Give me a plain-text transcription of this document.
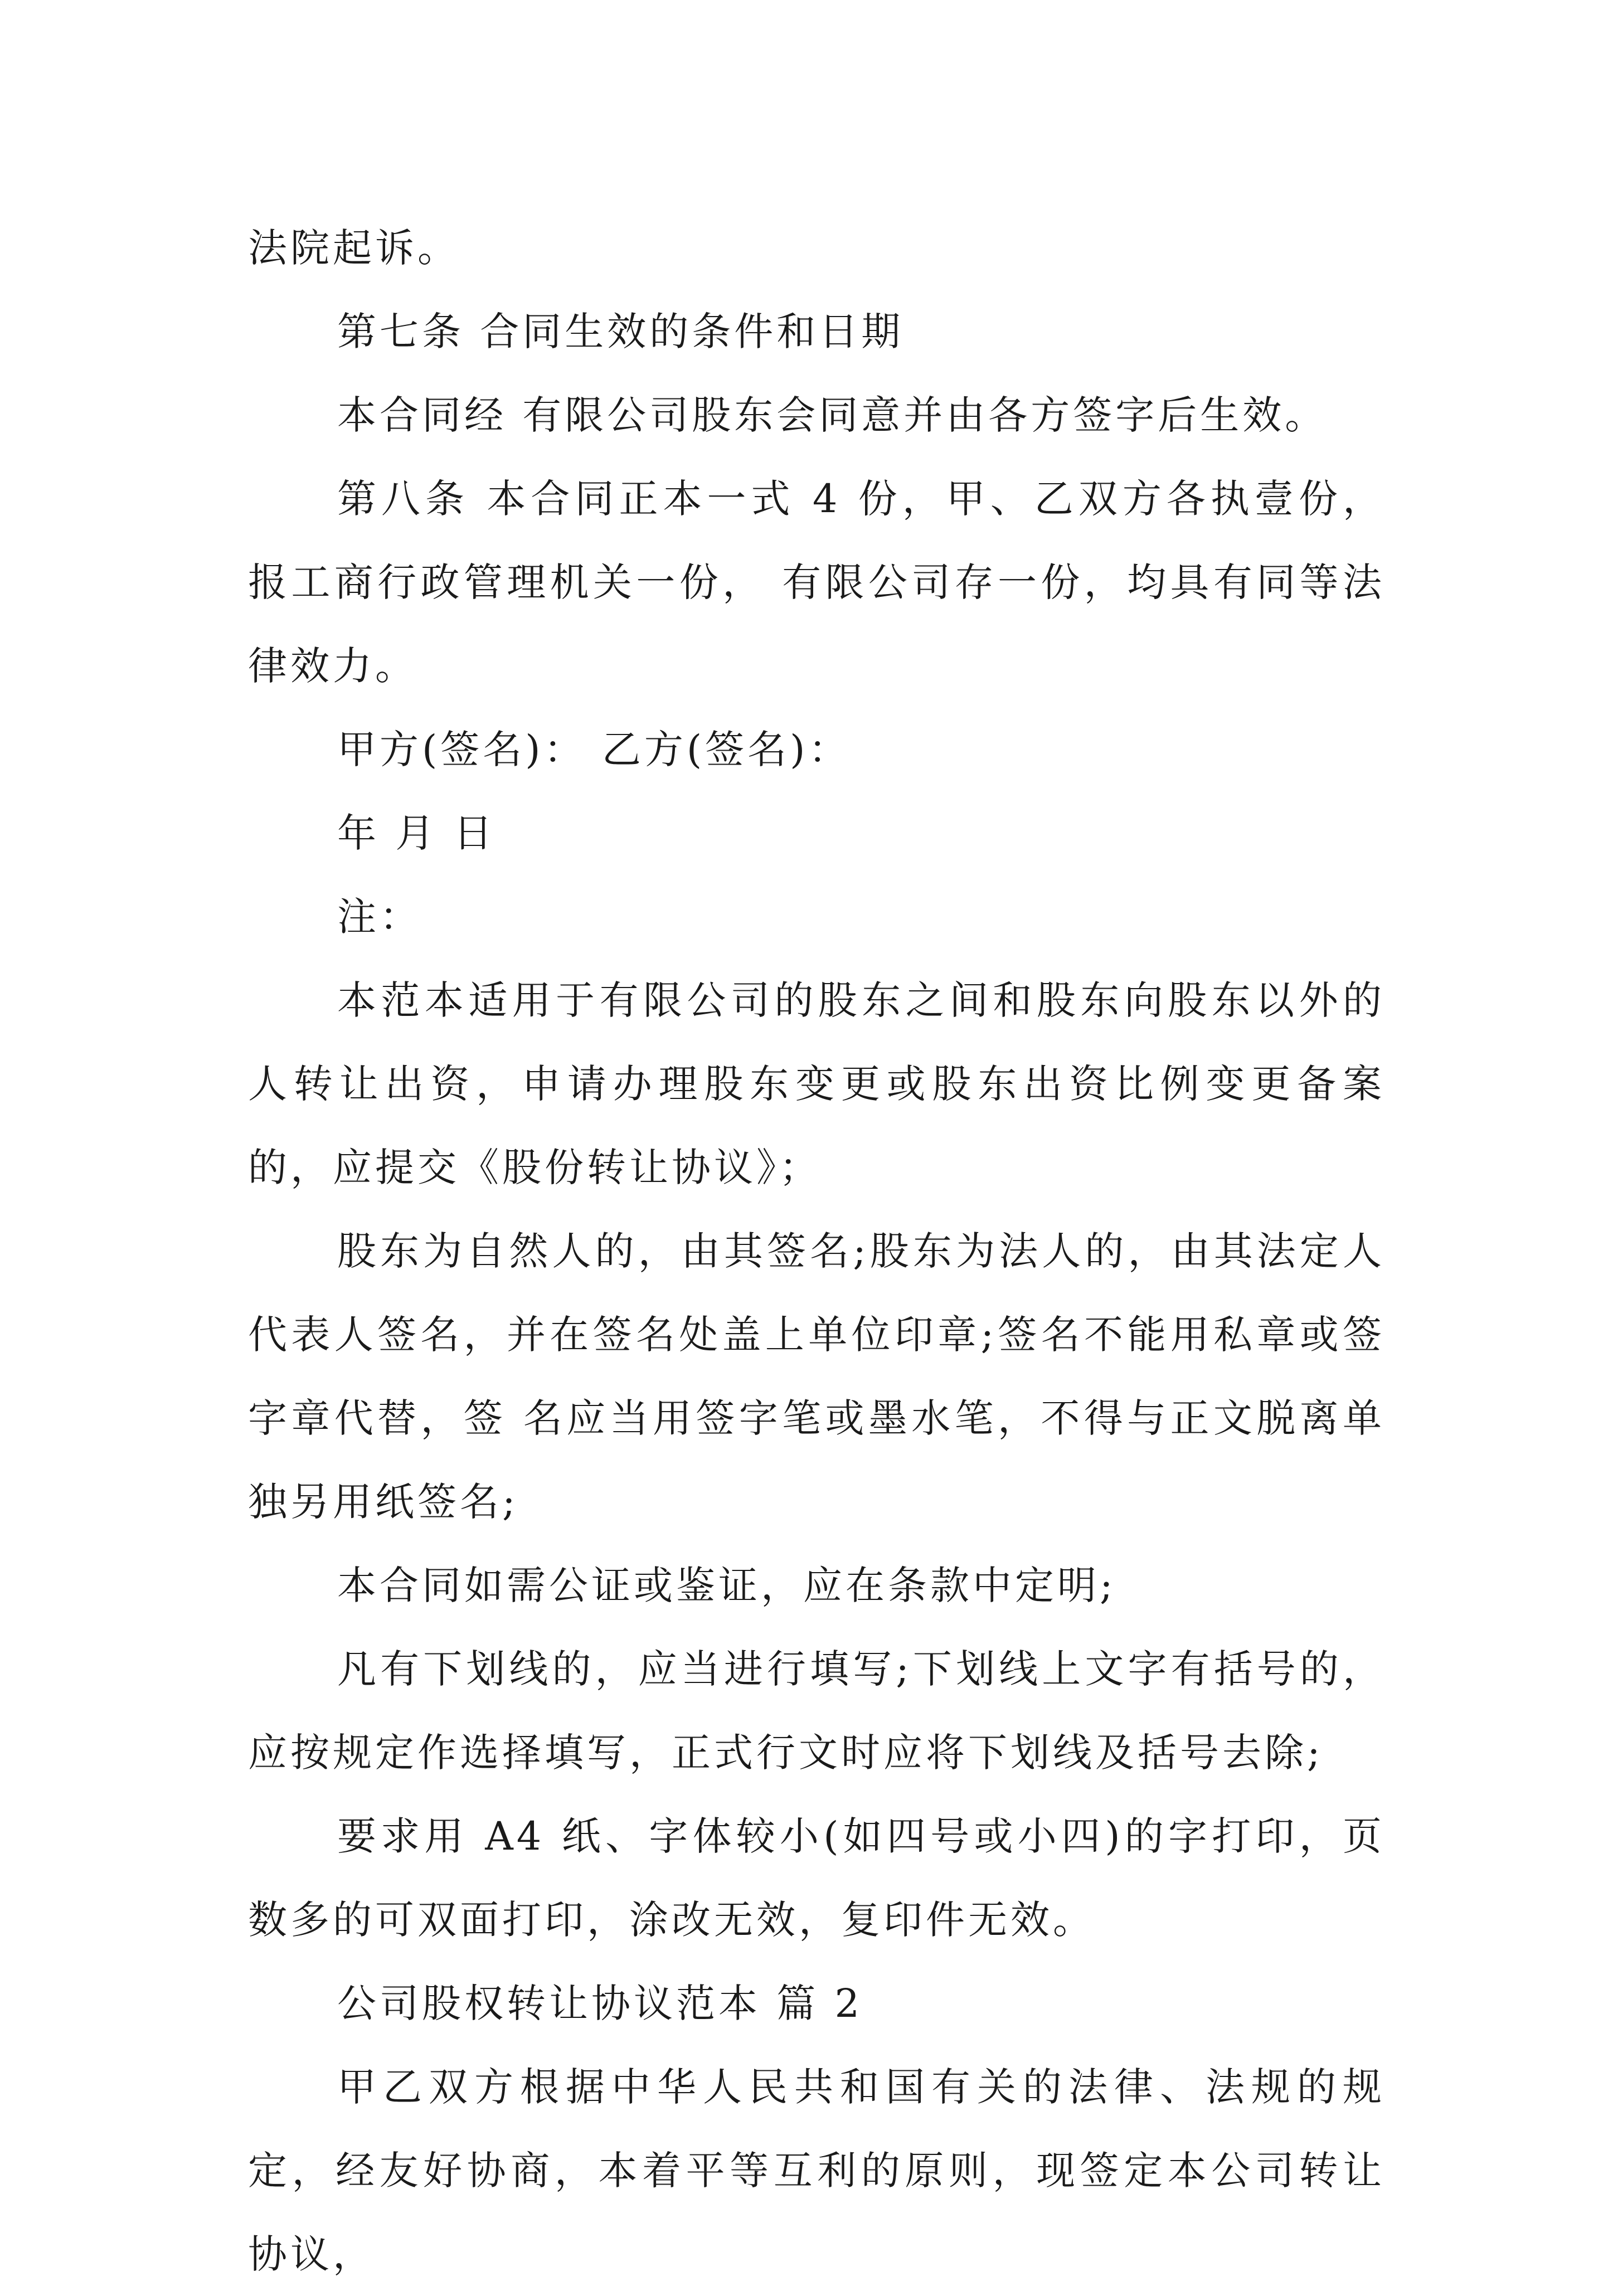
法院起诉。

第七条 合同生效的条件和日期

本合同经 有限公司股东会同意并由各方签字后生效。

第八条 本合同正本一式 4 份，甲、乙双方各执壹份，报工商行政管理机关一份， 有限公司存一份，均具有同等法律效力。

甲方(签名)： 乙方(签名)：

年 月 日

注：

本范本适用于有限公司的股东之间和股东向股东以外的人转让出资，申请办理股东变更或股东出资比例变更备案的，应提交《股份转让协议》；

股东为自然人的，由其签名;股东为法人的，由其法定人代表人签名，并在签名处盖上单位印章;签名不能用私章或签字章代替，签 名应当用签字笔或墨水笔，不得与正文脱离单独另用纸签名;

本合同如需公证或鉴证，应在条款中定明;

凡有下划线的，应当进行填写;下划线上文字有括号的，应按规定作选择填写，正式行文时应将下划线及括号去除;

要求用 A4 纸、字体较小(如四号或小四)的字打印，页数多的可双面打印，涂改无效，复印件无效。

公司股权转让协议范本 篇 2

甲乙双方根据中华人民共和国有关的法律、法规的规定，经友好协商，本着平等互利的原则，现签定本公司转让协议，
